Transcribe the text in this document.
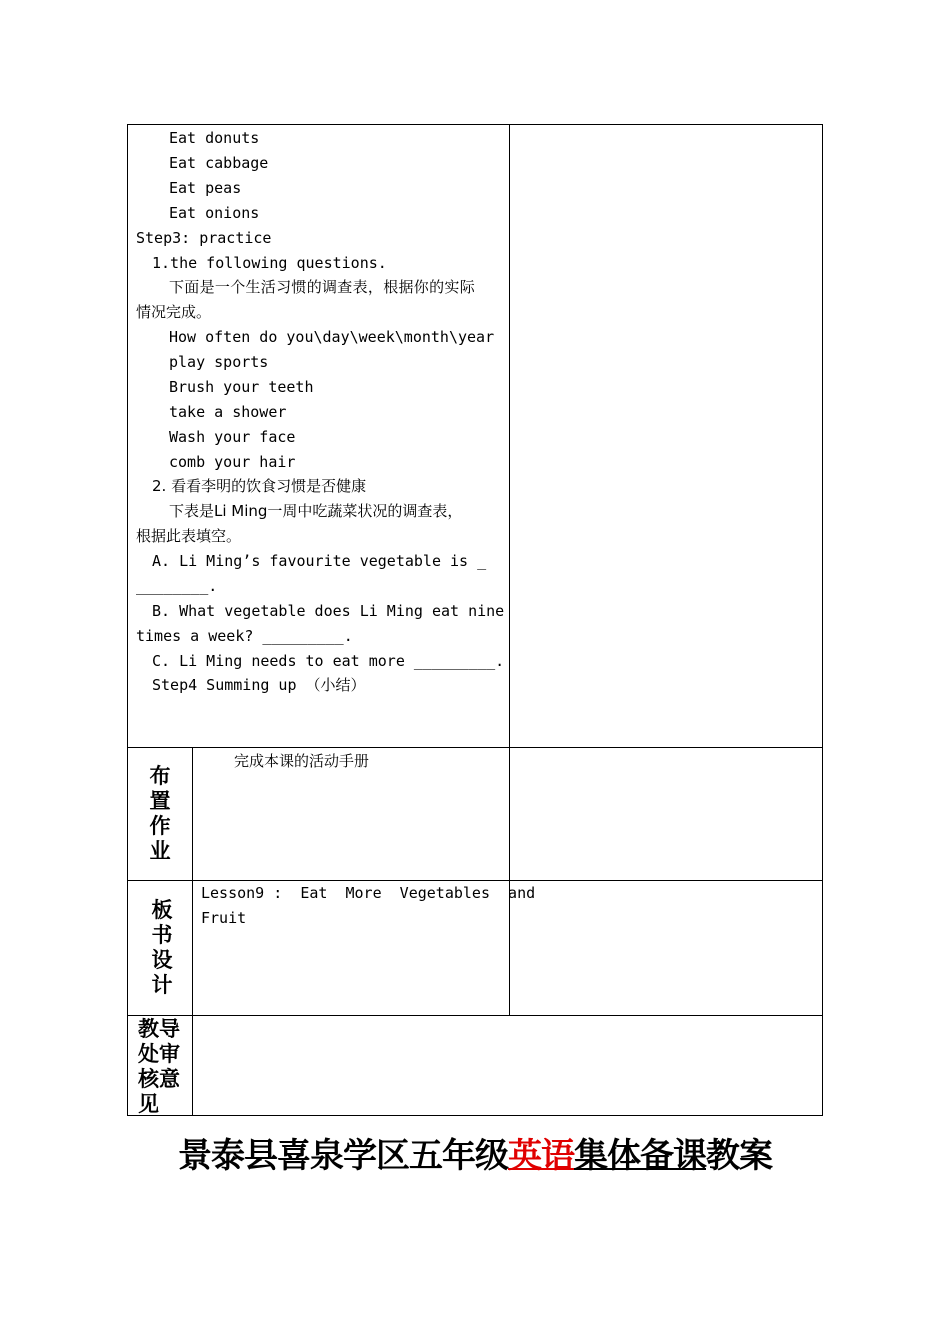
Eat donuts
Eat cabbage
Eat peas
Eat onions
Step3: practice
1.the following questions.
下面是一个生活习惯的调查表，根据你的实际
情况完成。
How often do you\day\week\month\year
play sports
Brush your teeth
take a shower
Wash your face
comb your hair
2. 看看李明的饮食习惯是否健康
下表是Li Ming一周中吃蔬菜状况的调查表，
根据此表填空。
A. Li Ming’s favourite vegetable is _
________.
B. What vegetable does Li Ming eat nine
times a week? _________.
C. Li Ming needs to eat more _________.
Step4 Summing up （小结）
布置作业
完成本课的活动手册
板书设计
Lesson9 :  Eat  More  Vegetables  and
Fruit
教导处审核意见
景泰县喜泉学区五年级英语集体备课教案
